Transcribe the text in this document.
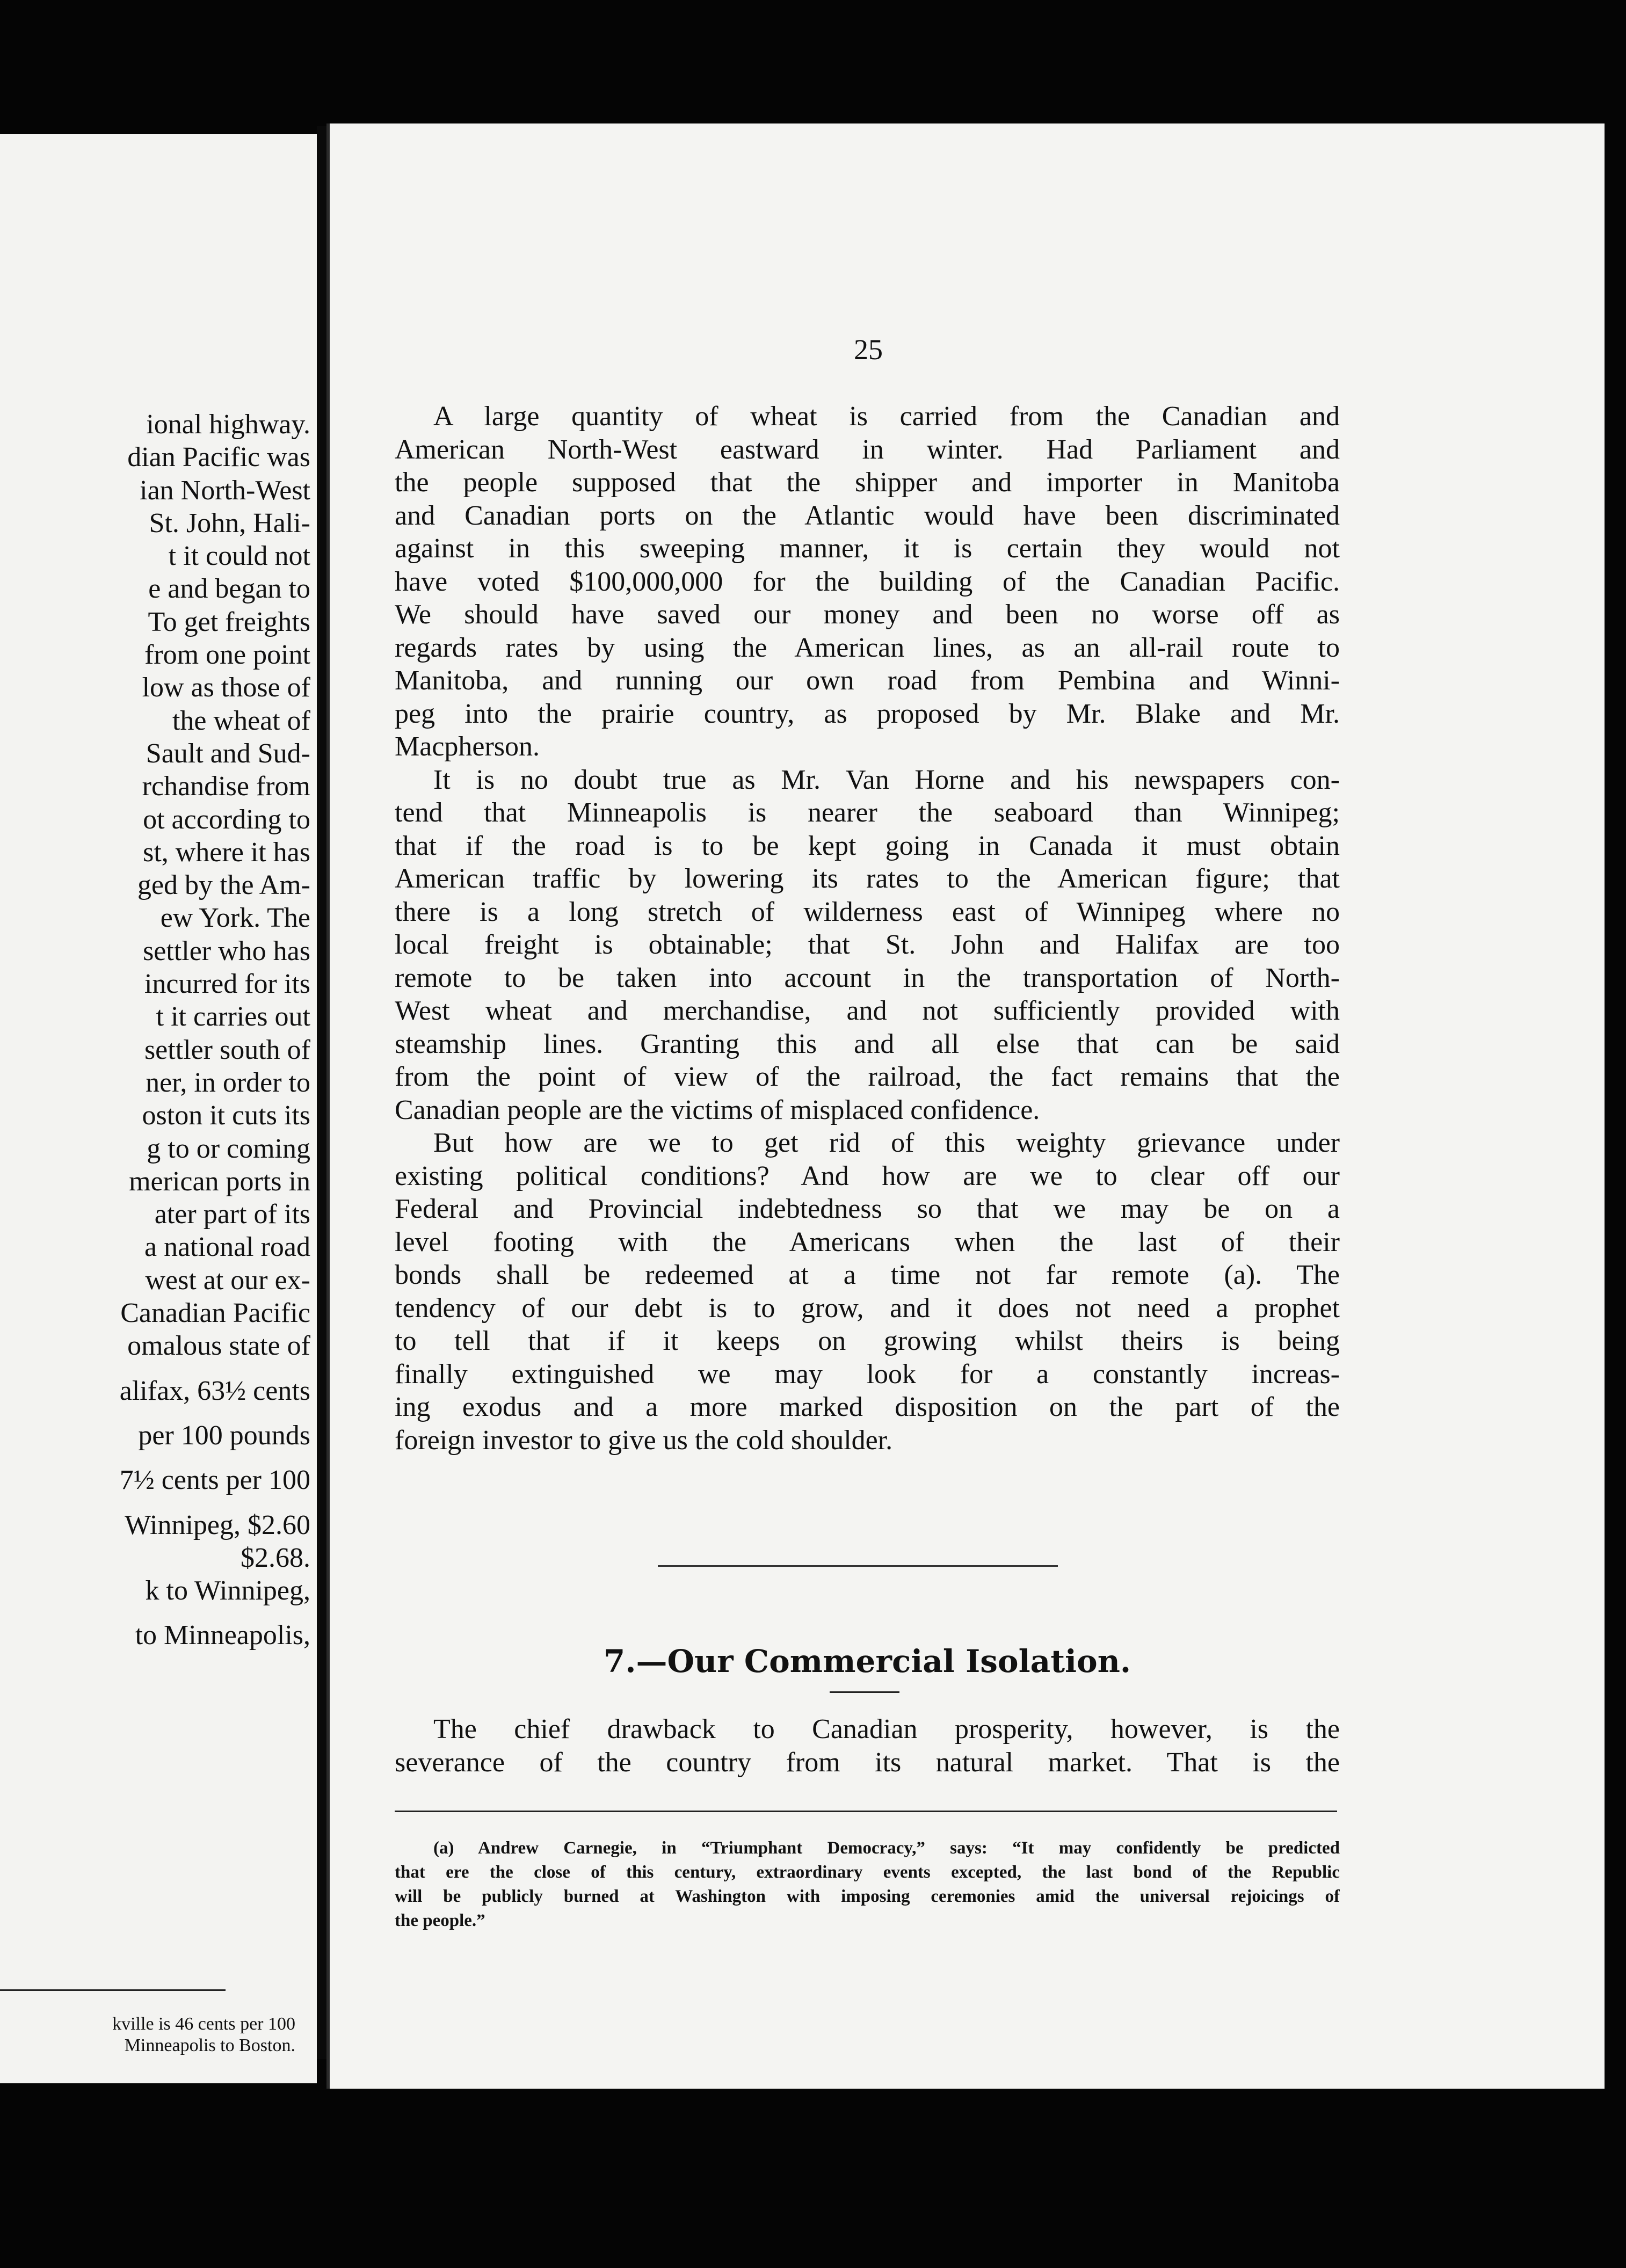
ional highway.
dian Pacific was
ian North-West
St. John, Hali-
t it could not
e and began to
To get freights
from one point
low as those of
the wheat of
Sault and Sud-
rchandise from
ot according to
st, where it has
ged by the Am-
ew York. The
settler who has
incurred for its
t it carries out
settler south of
ner, in order to
oston it cuts its
g to or coming
merican ports in
ater part of its
a national road
west at our ex-
Canadian Pacific
omalous state of
alifax, 63½ cents
per 100 pounds
7½ cents per 100
Winnipeg, $2.60
$2.68.
k to Winnipeg,
to Minneapolis,
kville is 46 cents per 100
Minneapolis to Boston.
25
A large quantity of wheat is carried from the Canadian and
American North-West eastward in winter. Had Parliament and
the people supposed that the shipper and importer in Manitoba
and Canadian ports on the Atlantic would have been discriminated
against in this sweeping manner, it is certain they would not
have voted $100,000,000 for the building of the Canadian Pacific.
We should have saved our money and been no worse off as
regards rates by using the American lines, as an all-rail route to
Manitoba, and running our own road from Pembina and Winni-
peg into the prairie country, as proposed by Mr. Blake and Mr.
Macpherson.
It is no doubt true as Mr. Van Horne and his newspapers con-
tend that Minneapolis is nearer the seaboard than Winnipeg;
that if the road is to be kept going in Canada it must obtain
American traffic by lowering its rates to the American figure; that
there is a long stretch of wilderness east of Winnipeg where no
local freight is obtainable; that St. John and Halifax are too
remote to be taken into account in the transportation of North-
West wheat and merchandise, and not sufficiently provided with
steamship lines. Granting this and all else that can be said
from the point of view of the railroad, the fact remains that the
Canadian people are the victims of misplaced confidence.
But how are we to get rid of this weighty grievance under
existing political conditions? And how are we to clear off our
Federal and Provincial indebtedness so that we may be on a
level footing with the Americans when the last of their
bonds shall be redeemed at a time not far remote (a). The
tendency of our debt is to grow, and it does not need a prophet
to tell that if it keeps on growing whilst theirs is being
finally extinguished we may look for a constantly increas-
ing exodus and a more marked disposition on the part of the
foreign investor to give us the cold shoulder.
7.—Our Commercial Isolation.
The chief drawback to Canadian prosperity, however, is the
severance of the country from its natural market. That is the
(a) Andrew Carnegie, in “Triumphant Democracy,” says: “It may confidently be predicted
that ere the close of this century, extraordinary events excepted, the last bond of the Republic
will be publicly burned at Washington with imposing ceremonies amid the universal rejoicings of
the people.”
